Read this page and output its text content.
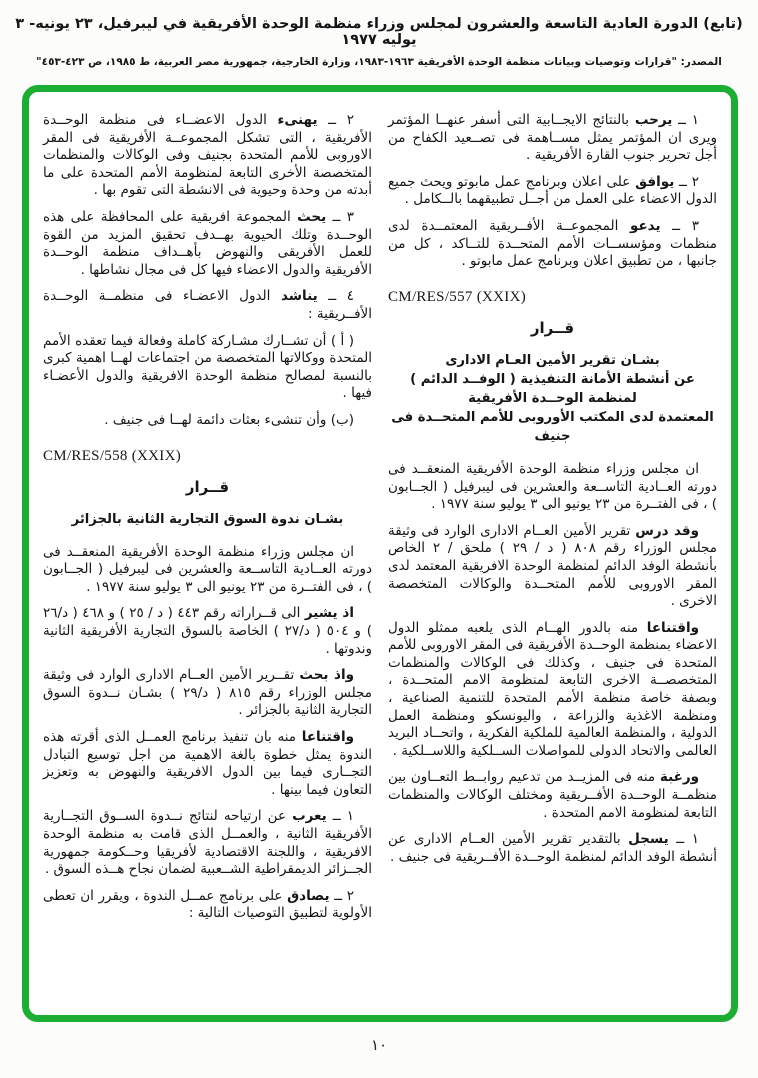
(تابع) الدورة العادية التاسعة والعشرون لمجلس وزراء منظمة الوحدة الأفريقية في ليبرفيل، ٢٣ يونيه- ٣ يوليه ١٩٧٧
المصدر: "قرارات وتوصيات وبيانات منظمة الوحدة الأفريقية ١٩٦٣-١٩٨٣، وزارة الخارجية، جمهورية مصر العربية، ط ١٩٨٥، ص ٤٢٣-٤٥٣"

١ ــ يرحب بالنتائج الايجــابية التى أسفر عنهــا المؤتمر ويرى ان المؤتمر يمثل مســاهمة فى تصــعيد الكفاح من أجل تحرير جنوب القارة الأفريقية .

٢ ــ يوافق على اعلان وبرنامج عمل مابوتو ويحث جميع الدول الاعضاء على العمل من أجــل تطبيقهما بالــكامل .

٣ ــ يدعو المجموعــة الأفــريقية المعتمــدة لدى منظمات ومؤسســات الأمم المتحــدة للتــاكد ، كل من جانبها ، من تطبيق اعلان وبرنامج عمل مابوتو .

CM/RES/557 (XXIX)
قــرار
بشـان تقرير الأمين العـام الادارى
عن أنشطة الأمانة التنفيذية ( الوفــد الدائم )
لمنظمة الوحــدة الأفريقية
المعتمدة لدى المكتب الأوروبى للأمم المتحــدة فى جنيف

ان مجلس وزراء منظمة الوحدة الأفريقية المنعقــد فى دورته العــادية التاســعة والعشرين فى ليبرفيل ( الجــابون ) ، فى الفتــرة من ٢٣ يونيو الى ٣ يوليو سنة ١٩٧٧ .

وقد درس تقرير الأمين العــام الادارى الوارد فى وثيقة مجلس الوزراء رقم ٨٠٨ ( د / ٢٩ ) ملحق / ٢ الخاص بأنشطة الوفد الدائم لمنظمة الوحدة الافريقية المعتمد لدى المقر الاوروبى للأمم المتحــدة والوكالات المتخصصة الاخرى .

واقتناعا منه بالدور الهــام الذى يلعبه ممثلو الدول الاعضاء بمنظمة الوحــدة الأفريقية فى المقر الاوروبى للأمم المتحدة فى جنيف ، وكذلك فى الوكالات والمنظمات المتخصصــة الاخرى التابعة لمنظومة الامم المتحــدة ، وبصفة خاصة منظمة الأمم المتحدة للتنمية الصناعية ، ومنظمة الاغذية والزراعة ، واليونسكو ومنظمة العمل الدولية ، والمنظمة العالمية للملكية الفكرية ، واتحــاد البريد العالمى والاتحاد الدولى للمواصلات الســلكية واللاســلكية .

ورغبة منه فى المزيــد من تدعيم روابــط التعــاون بين منظمــة الوحــدة الأفــريقية ومختلف الوكالات والمنظمات التابعة لمنظومة الامم المتحدة .

١ ــ يسجل بالتقدير تقرير الأمين العــام الادارى عن أنشطة الوفد الدائم لمنظمة الوحــدة الأفــريقية فى جنيف .

٢ ــ يهنىء الدول الاعضــاء فى منظمة الوحــدة الأفريقية ، التى تشكل المجموعــة الأفريقية فى المقر الاوروبى للأمم المتحدة بجنيف وفى الوكالات والمنظمات المتخصصة الأخرى التابعة لمنظومة الأمم المتحدة على ما أبدته من وحدة وحيوية فى الانشطة التى تقوم بها .

٣ ــ يحث المجموعة افريقية على المحافظة على هذه الوحــدة وتلك الحيوية بهــدف تحقيق المزيد من القوة للعمل الأفريقى والنهوض بأهــداف منظمة الوحــدة الأفريقية والدول الاعضاء فيها كل فى مجال نشاطها .

٤ ــ يناشد الدول الاعضـاء فى منظمــة الوحــدة الأفــريقية :

( أ ) أن تشــارك مشـاركة كاملة وفعالة فيما تعقده الأمم المتحدة ووكالاتها المتخصصة من اجتماعات لهــا اهمية كبرى بالنسبة لمصالح منظمة الوحدة الافريقية والدول الأعضـاء فيها .

(ب) وأن تنشىء بعثات دائمة لهــا فى جنيف .

CM/RES/558 (XXIX)
قــرار
بشـان ندوة السوق التجارية الثانية بالجزائر

ان مجلس وزراء منظمة الوحدة الأفريقية المنعقــد فى دورته العــادية التاســعة والعشرين فى ليبرفيل ( الجــابون ) ، فى الفتــرة من ٢٣ يونيو الى ٣ يوليو سنة ١٩٧٧ .

اذ يشير الى قــراراته رقم ٤٤٣ ( د / ٢٥ ) و ٤٦٨ ( د/٢٦ ) و ٥٠٤ ( د/٢٧ ) الخاصة بالسوق التجارية الأفريقية الثانية وندوتها .

واذ بحث تقــرير الأمين العــام الادارى الوارد فى وثيقة مجلس الوزراء رقم ٨١٥ ( د/٢٩ ) بشـان نــدوة السوق التجارية الثانية بالجزائر .

واقتناعا منه بان تنفيذ برنامج العمــل الذى أقرته هذه الندوة يمثل خطوة بالغة الاهمية من اجل توسيع التبادل التجــارى فيما بين الدول الافريقية والنهوض به وتعزيز التعاون فيما بينها .

١ ــ يعرب عن ارتياحه لنتائج نــدوة الســوق التجــارية الأفريقية الثانية ، والعمــل الذى قامت به منظمة الوحدة الافريقية ، واللجنة الاقتصادية لأفريقيا وحــكومة جمهورية الجــزائر الديمقراطية الشــعبية لضمان نجاح هــذه السوق .

٢ ــ يصادق على برنامج عمــل الندوة ، ويقرر ان تعطى الأولوية لتطبيق التوصيات التالية :

١٠
